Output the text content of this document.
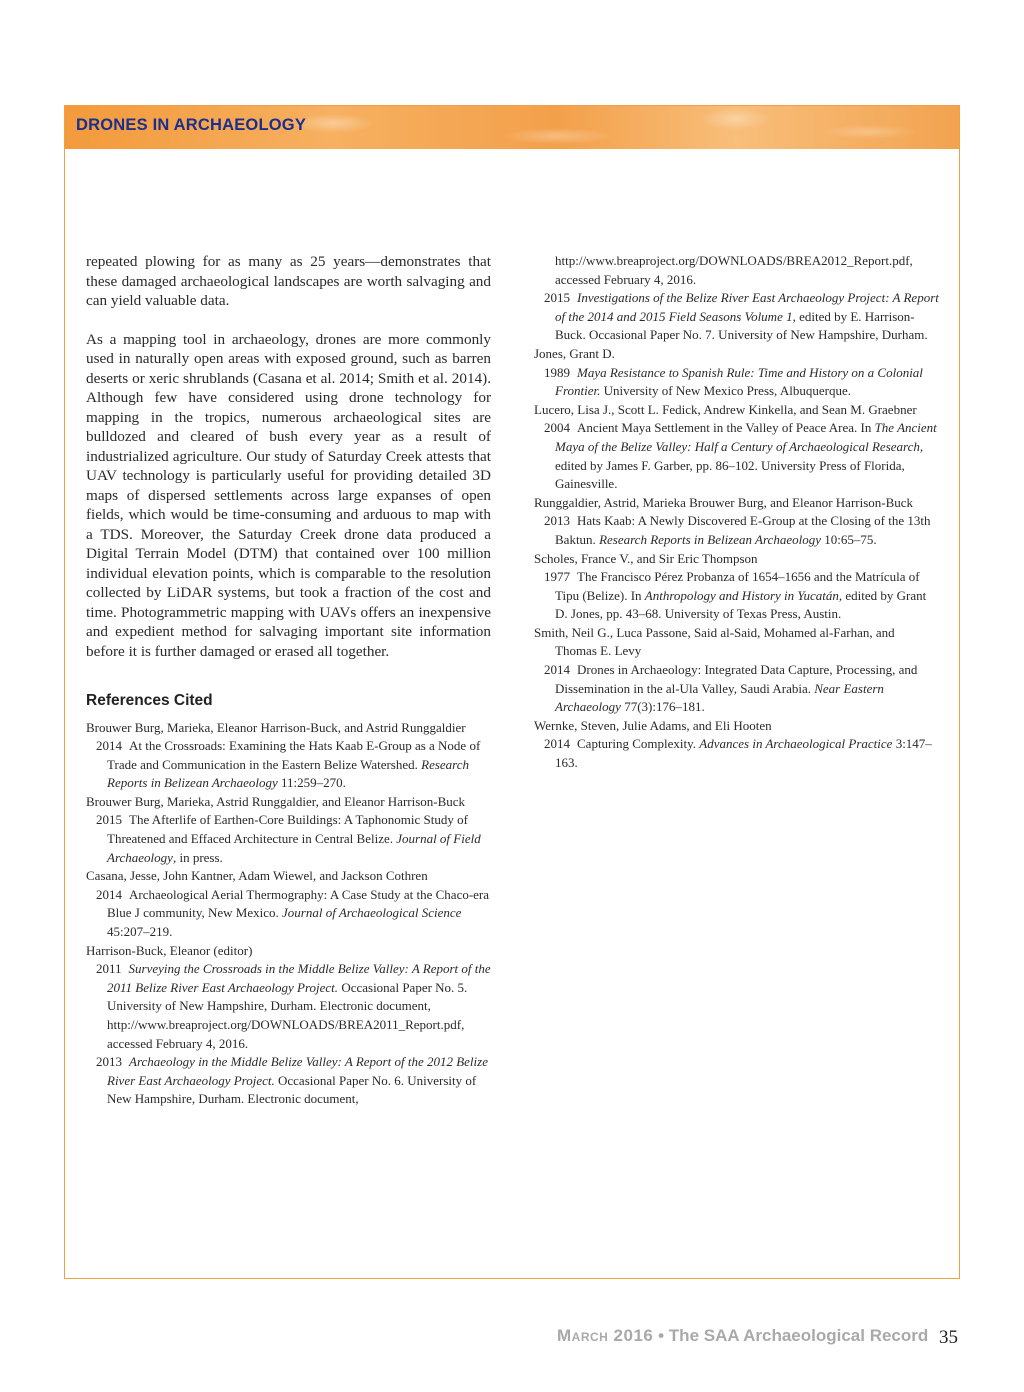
DRONES IN ARCHAEOLOGY

repeated plowing for as many as 25 years—demonstrates that these damaged archaeological landscapes are worth salvaging and can yield valuable data.

As a mapping tool in archaeology, drones are more commonly used in naturally open areas with exposed ground, such as barren deserts or xeric shrublands (Casana et al. 2014; Smith et al. 2014). Although few have considered using drone technology for mapping in the tropics, numerous archaeological sites are bulldozed and cleared of bush every year as a result of industrialized agriculture. Our study of Saturday Creek attests that UAV technology is particularly useful for providing detailed 3D maps of dispersed settlements across large expanses of open fields, which would be time-consuming and arduous to map with a TDS. Moreover, the Saturday Creek drone data produced a Digital Terrain Model (DTM) that contained over 100 million individual elevation points, which is comparable to the resolution collected by LiDAR systems, but took a fraction of the cost and time. Photogrammetric mapping with UAVs offers an inexpensive and expedient method for salvaging important site information before it is further damaged or erased all together.

References Cited
Brouwer Burg, Marieka, Eleanor Harrison-Buck, and Astrid Runggaldier
2014 At the Crossroads: Examining the Hats Kaab E-Group as a Node of Trade and Communication in the Eastern Belize Watershed. Research Reports in Belizean Archaeology 11:259–270.
Brouwer Burg, Marieka, Astrid Runggaldier, and Eleanor Harrison-Buck
2015 The Afterlife of Earthen-Core Buildings: A Taphonomic Study of Threatened and Effaced Architecture in Central Belize. Journal of Field Archaeology, in press.
Casana, Jesse, John Kantner, Adam Wiewel, and Jackson Cothren
2014 Archaeological Aerial Thermography: A Case Study at the Chaco-era Blue J community, New Mexico. Journal of Archaeological Science 45:207–219.
Harrison-Buck, Eleanor (editor)
2011 Surveying the Crossroads in the Middle Belize Valley: A Report of the 2011 Belize River East Archaeology Project. Occasional Paper No. 5. University of New Hampshire, Durham. Electronic document,
http://www.breaproject.org/DOWNLOADS/BREA2011_Report.pdf, accessed February 4, 2016.
2013 Archaeology in the Middle Belize Valley: A Report of the 2012 Belize River East Archaeology Project. Occasional Paper No. 6. University of New Hampshire, Durham. Electronic document,
http://www.breaproject.org/DOWNLOADS/BREA2012_Report.pdf, accessed February 4, 2016.
2015 Investigations of the Belize River East Archaeology Project: A Report of the 2014 and 2015 Field Seasons Volume 1, edited by E. Harrison-Buck. Occasional Paper No. 7. University of New Hampshire, Durham.
Jones, Grant D.
1989 Maya Resistance to Spanish Rule: Time and History on a Colonial Frontier. University of New Mexico Press, Albuquerque.
Lucero, Lisa J., Scott L. Fedick, Andrew Kinkella, and Sean M. Graebner
2004 Ancient Maya Settlement in the Valley of Peace Area. In The Ancient Maya of the Belize Valley: Half a Century of Archaeological Research, edited by James F. Garber, pp. 86–102. University Press of Florida, Gainesville.
Runggaldier, Astrid, Marieka Brouwer Burg, and Eleanor Harrison-Buck
2013 Hats Kaab: A Newly Discovered E-Group at the Closing of the 13th Baktun. Research Reports in Belizean Archaeology 10:65–75.
Scholes, France V., and Sir Eric Thompson
1977 The Francisco Pérez Probanza of 1654–1656 and the Matrícula of Tipu (Belize). In Anthropology and History in Yucatán, edited by Grant D. Jones, pp. 43–68. University of Texas Press, Austin.
Smith, Neil G., Luca Passone, Said al-Said, Mohamed al-Farhan, and Thomas E. Levy
2014 Drones in Archaeology: Integrated Data Capture, Processing, and Dissemination in the al-Ula Valley, Saudi Arabia. Near Eastern Archaeology 77(3):176–181.
Wernke, Steven, Julie Adams, and Eli Hooten
2014 Capturing Complexity. Advances in Archaeological Practice 3:147–163.
March 2016 • The SAA Archaeological Record 35
